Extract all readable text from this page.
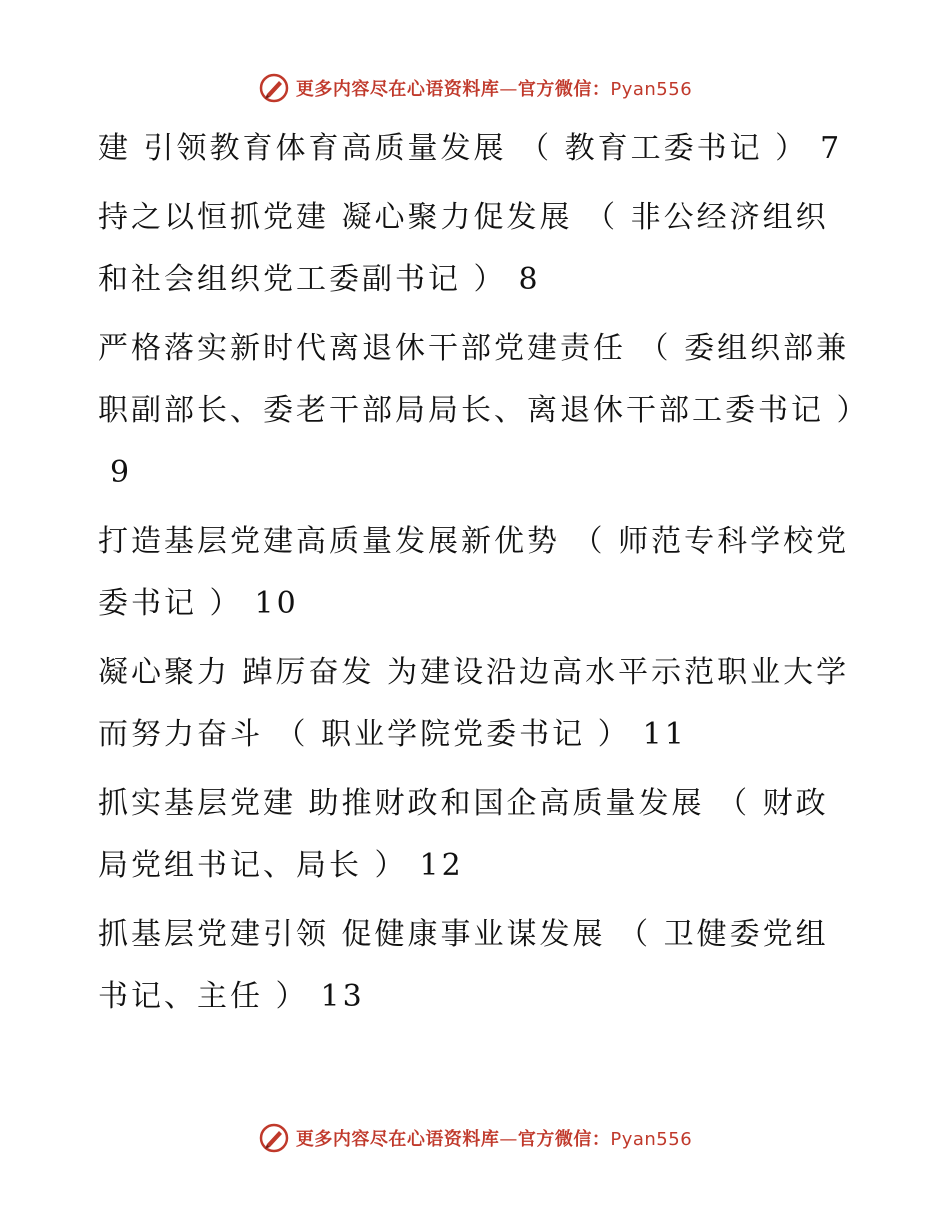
更多内容尽在心语资料库—官方微信：Pyan556
建 引领教育体育高质量发展 （ 教育工委书记 ） 7
持之以恒抓党建 凝心聚力促发展 （ 非公经济组织和社会组织党工委副书记 ） 8
严格落实新时代离退休干部党建责任 （ 委组织部兼职副部长、委老干部局局长、离退休干部工委书记 ）9
打造基层党建高质量发展新优势 （ 师范专科学校党委书记 ） 10
凝心聚力 踔厉奋发 为建设沿边高水平示范职业大学而努力奋斗 （ 职业学院党委书记 ） 11
抓实基层党建 助推财政和国企高质量发展 （ 财政局党组书记、局长 ） 12
抓基层党建引领 促健康事业谋发展 （ 卫健委党组书记、主任 ） 13
更多内容尽在心语资料库—官方微信：Pyan556
